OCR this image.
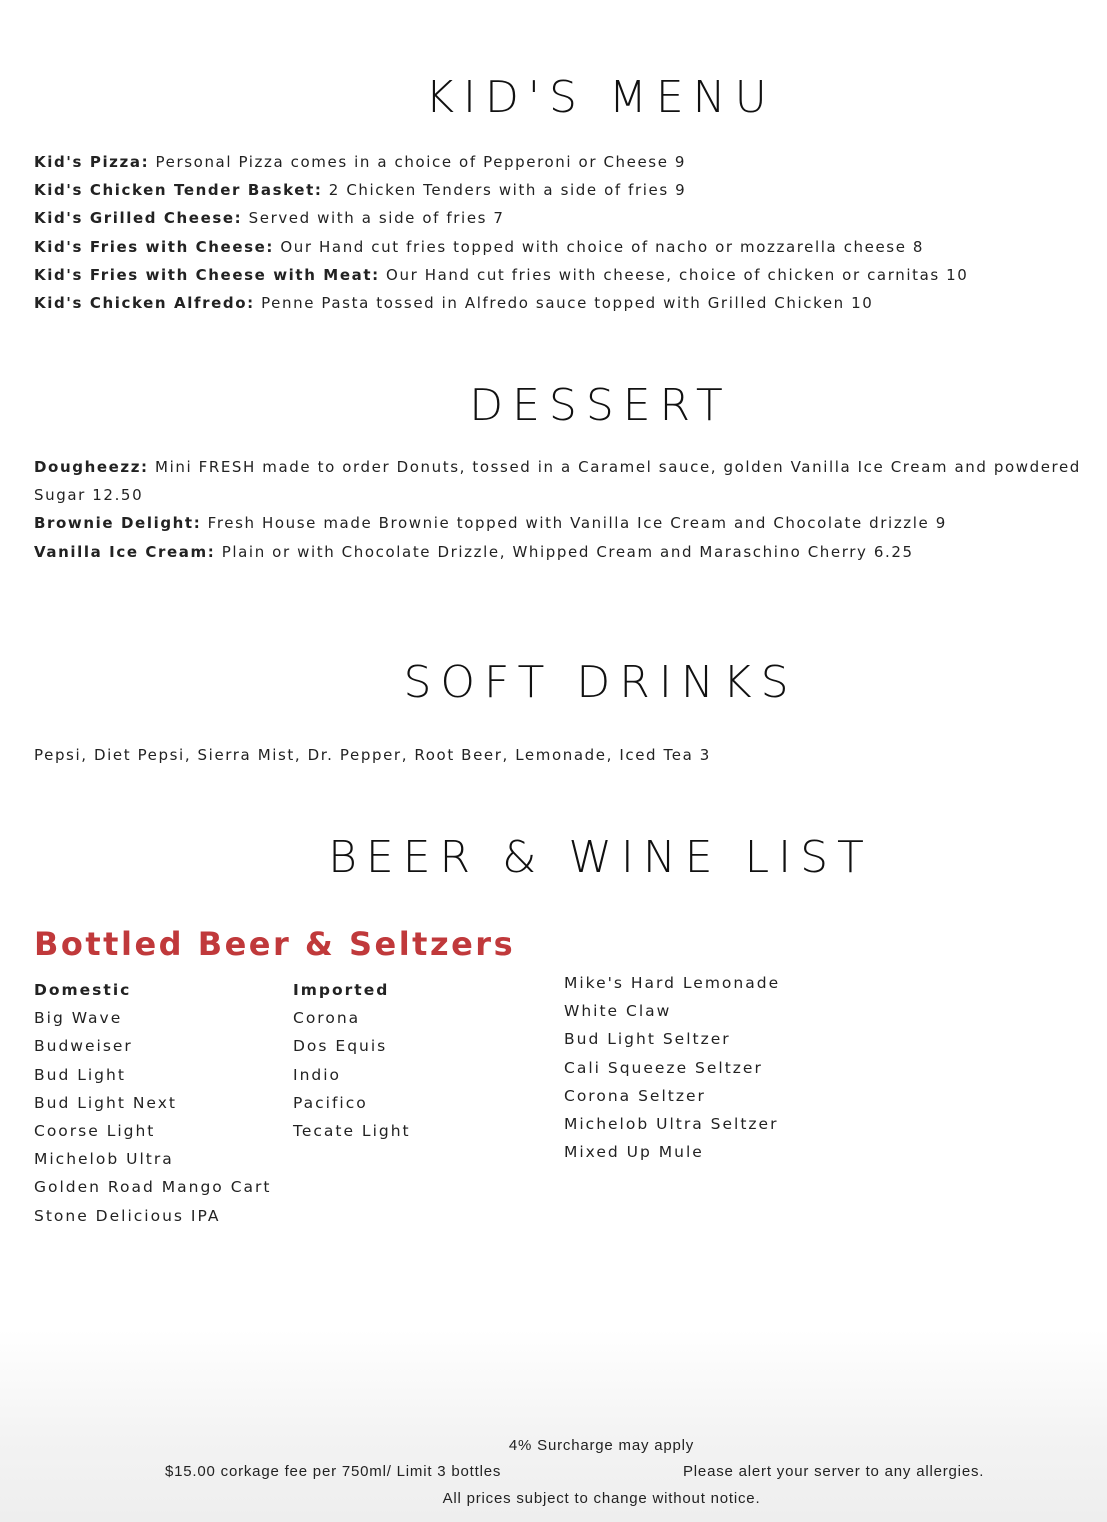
KID'S MENU
Kid's Pizza: Personal Pizza comes in a choice of Pepperoni or Cheese 9
Kid's Chicken Tender Basket: 2 Chicken Tenders with a side of fries 9
Kid's Grilled Cheese: Served with a side of fries 7
Kid's Fries with Cheese: Our Hand cut fries topped with choice of nacho or mozzarella cheese 8
Kid's Fries with Cheese with Meat: Our Hand cut fries with cheese, choice of chicken or carnitas 10
Kid's Chicken Alfredo: Penne Pasta tossed in Alfredo sauce topped with Grilled Chicken 10
DESSERT
Dougheezz: Mini FRESH made to order Donuts, tossed in a Caramel sauce, golden Vanilla Ice Cream and powdered Sugar 12.50
Brownie Delight: Fresh House made Brownie topped with Vanilla Ice Cream and Chocolate drizzle 9
Vanilla Ice Cream: Plain or with Chocolate Drizzle, Whipped Cream and Maraschino Cherry 6.25
SOFT DRINKS
Pepsi, Diet Pepsi, Sierra Mist, Dr. Pepper, Root Beer, Lemonade, Iced Tea 3
BEER & WINE LIST
Bottled Beer & Seltzers
Domestic
Big Wave
Budweiser
Bud Light
Bud Light Next
Coorse Light
Michelob Ultra
Golden Road Mango Cart
Stone Delicious IPA
Imported
Corona
Dos Equis
Indio
Pacifico
Tecate Light
Mike's Hard Lemonade
White Claw
Bud Light Seltzer
Cali Squeeze Seltzer
Corona Seltzer
Michelob Ultra Seltzer
Mixed Up Mule
4% Surcharge may apply
$15.00 corkage fee per 750ml/ Limit 3 bottles	Please alert your server to any allergies.
All prices subject to change without notice.
